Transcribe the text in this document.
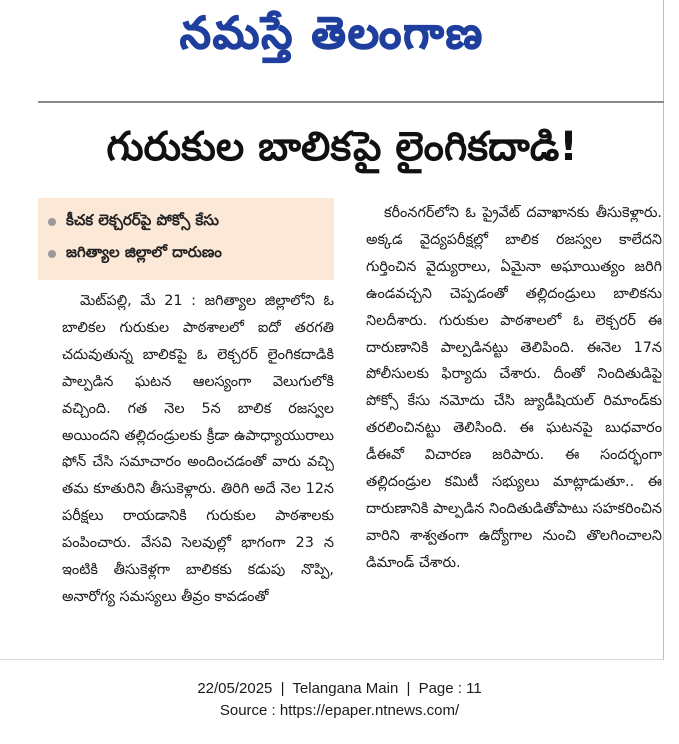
నమస్తే తెలంగాణ
గురుకుల బాలికపై లైంగికదాడి!
కీచక లెక్చరర్‌పై పోక్సో కేసు
జగిత్యాల జిల్లాలో దారుణం

మెట్‌పల్లి, మే 21 : జగిత్యాల జిల్లాలోని ఓ బాలికల గురుకుల పాఠశాలలో ఐదో తరగతి చదువుతున్న బాలికపై ఓ లెక్చరర్ లైంగికదాడికి పాల్పడిన ఘటన ఆలస్యంగా వెలుగులోకి వచ్చింది. గత నెల 5న బాలిక రజస్వల అయిందని తల్లిదండ్రులకు క్రీడా ఉపాధ్యాయురాలు ఫోన్ చేసి సమాచారం అందించడంతో వారు వచ్చి తమ కూతురిని తీసుకెళ్లారు. తిరిగి అదే నెల 12న పరీక్షలు రాయడానికి గురుకుల పాఠశాలకు పంపించారు. వేసవి సెలవుల్లో భాగంగా 23 న ఇంటికి తీసుకెళ్లగా బాలికకు కడుపు నొప్పి, అనారోగ్య సమస్యలు తీవ్రం కావడంతో

కరీంనగర్‌లోని ఓ ప్రైవేట్ దవాఖానకు తీసుకెళ్లారు. అక్కడ వైద్యపరీక్షల్లో బాలిక రజస్వల కాలేదని గుర్తించిన వైద్యురాలు, ఏమైనా అఘాయిత్యం జరిగి ఉండవచ్చని చెప్పడంతో తల్లిదండ్రులు బాలికను నిలదీశారు. గురుకుల పాఠశాలలో ఓ లెక్చరర్ ఈ దారుణానికి పాల్పడినట్టు తెలిపింది. ఈనెల 17న పోలీసులకు ఫిర్యాదు చేశారు. దీంతో నిందితుడిపై పోక్సో కేసు నమోదు చేసి జ్యుడీషియల్ రిమాండ్‌కు తరలించినట్టు తెలిసింది. ఈ ఘటనపై బుధవారం డీఈవో విచారణ జరిపారు. ఈ సందర్భంగా తల్లిదండ్రుల కమిటీ సభ్యులు మాట్లాడుతూ.. ఈ దారుణానికి పాల్పడిన నిందితుడితోపాటు సహకరించిన వారిని శాశ్వతంగా ఉద్యోగాల నుంచి తొలగించాలని డిమాండ్ చేశారు.

22/05/2025 | Telangana Main | Page : 11
Source : https://epaper.ntnews.com/
